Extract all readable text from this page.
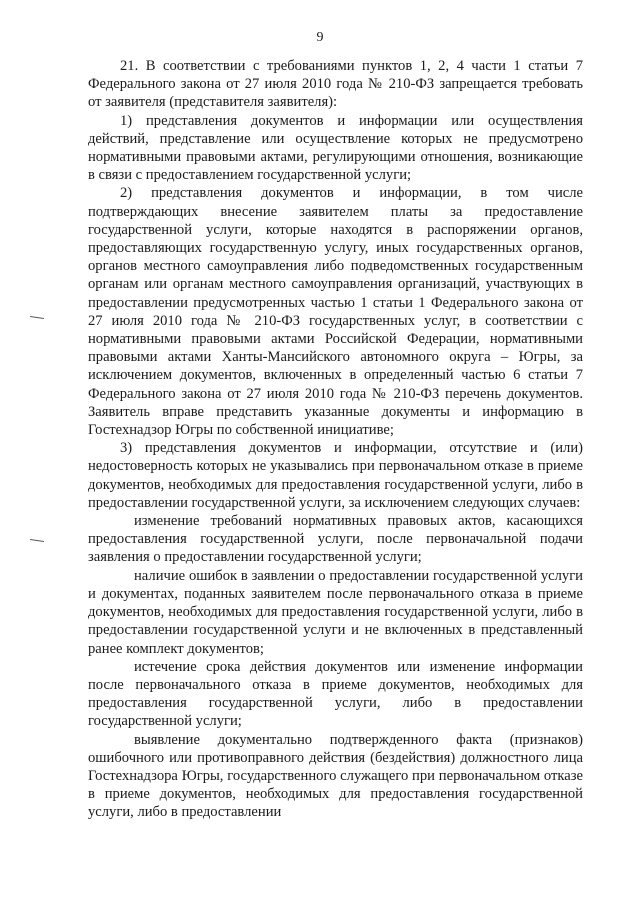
9

21. В соответствии с требованиями пунктов 1, 2, 4 части 1 статьи 7 Федерального закона от 27 июля 2010 года № 210-ФЗ запрещается требовать от заявителя (представителя заявителя):

1) представления документов и информации или осуществления действий, представление или осуществление которых не предусмотрено нормативными правовыми актами, регулирующими отношения, возникающие в связи с предоставлением государственной услуги;

2) представления документов и информации, в том числе подтверждающих внесение заявителем платы за предоставление государственной услуги, которые находятся в распоряжении органов, предоставляющих государственную услугу, иных государственных органов, органов местного самоуправления либо подведомственных государственным органам или органам местного самоуправления организаций, участвующих в предоставлении предусмотренных частью 1 статьи 1 Федерального закона от 27 июля 2010 года № 210-ФЗ государственных услуг, в соответствии с нормативными правовыми актами Российской Федерации, нормативными правовыми актами Ханты-Мансийского автономного округа – Югры, за исключением документов, включенных в определенный частью 6 статьи 7 Федерального закона от 27 июля 2010 года № 210-ФЗ перечень документов. Заявитель вправе представить указанные документы и информацию в Гостехнадзор Югры по собственной инициативе;

3) представления документов и информации, отсутствие и (или) недостоверность которых не указывались при первоначальном отказе в приеме документов, необходимых для предоставления государственной услуги, либо в предоставлении государственной услуги, за исключением следующих случаев:

изменение требований нормативных правовых актов, касающихся предоставления государственной услуги, после первоначальной подачи заявления о предоставлении государственной услуги;

наличие ошибок в заявлении о предоставлении государственной услуги и документах, поданных заявителем после первоначального отказа в приеме документов, необходимых для предоставления государственной услуги, либо в предоставлении государственной услуги и не включенных в представленный ранее комплект документов;

истечение срока действия документов или изменение информации после первоначального отказа в приеме документов, необходимых для предоставления государственной услуги, либо в предоставлении государственной услуги;

выявление документально подтвержденного факта (признаков) ошибочного или противоправного действия (бездействия) должностного лица Гостехнадзора Югры, государственного служащего при первоначальном отказе в приеме документов, необходимых для предоставления государственной услуги, либо в предоставлении
